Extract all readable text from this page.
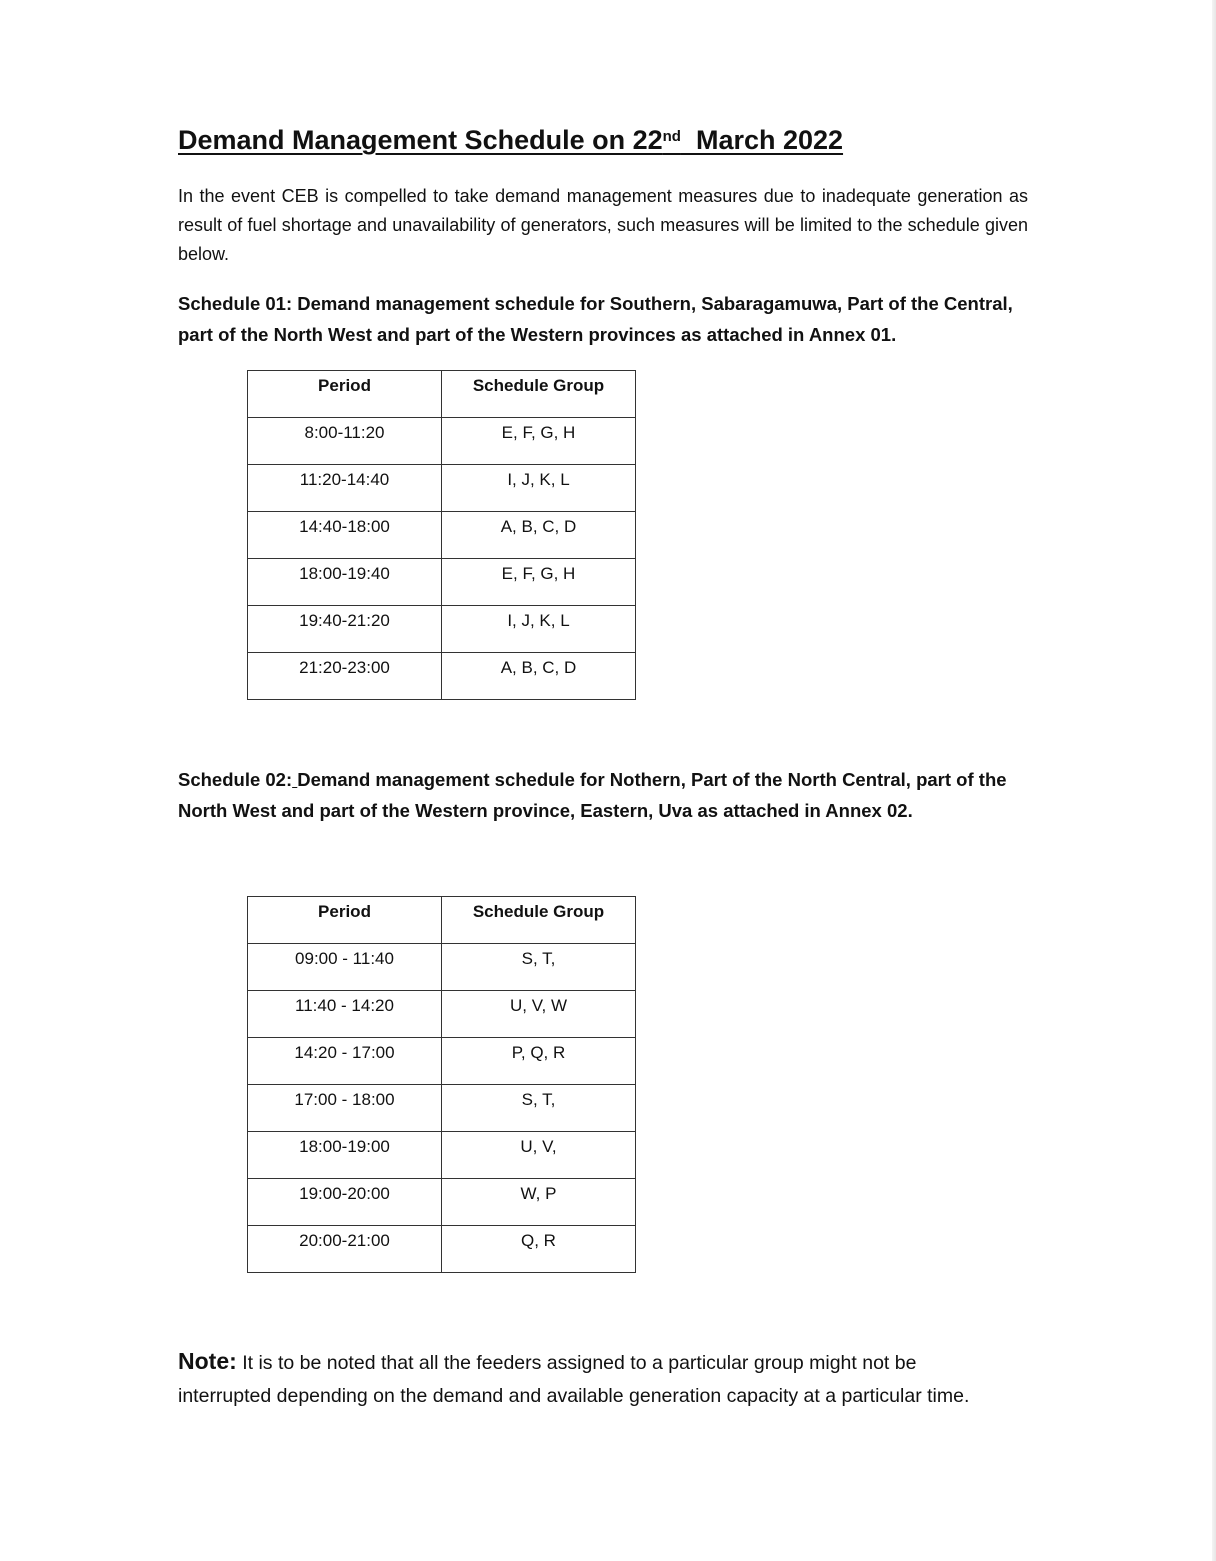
Demand Management Schedule on 22nd  March 2022

In the event CEB is compelled to take demand management measures due to inadequate generation as result of fuel shortage and unavailability of generators, such measures will be limited to the schedule given below.

Schedule 01: Demand management schedule for Southern, Sabaragamuwa, Part of the Central, part of the North West and part of the Western provinces as attached in Annex 01.

Period	Schedule Group
8:00-11:20	E, F, G, H
11:20-14:40	I, J, K, L
14:40-18:00	A, B, C, D
18:00-19:40	E, F, G, H
19:40-21:20	I, J, K, L
21:20-23:00	A, B, C, D

Schedule 02: Demand management schedule for Nothern, Part of the North Central, part of the North West and part of the Western province, Eastern, Uva as attached in Annex 02.

Period	Schedule Group
09:00 - 11:40	S, T,
11:40 - 14:20	U, V, W
14:20 - 17:00	P, Q, R
17:00 - 18:00	S, T,
18:00-19:00	U, V,
19:00-20:00	W, P
20:00-21:00	Q, R

Note: It is to be noted that all the feeders assigned to a particular group might not be interrupted depending on the demand and available generation capacity at a particular time.
